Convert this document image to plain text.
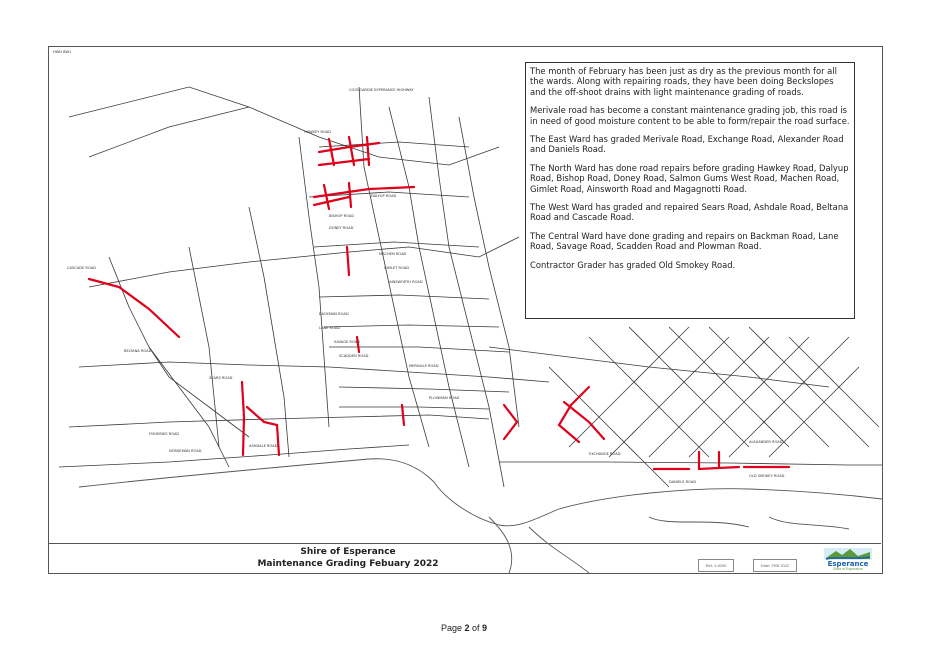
HWD BW1
CASCADE ROAD
BELTANA ROAD
SEARS ROAD
ASHDALE ROAD
MERIVALE ROAD
EXCHANGE ROAD
ALEXANDER ROAD
DANIELS ROAD
HAWKEY ROAD
DALYUP ROAD
BISHOP ROAD
DONEY ROAD
MACHEN ROAD
GIMLET ROAD
AINSWORTH ROAD
BACKMAN ROAD
LANE ROAD
SAVAGE ROAD
SCADDEN ROAD
PLOWMAN ROAD
OLD SMOKEY ROAD
FISHERIES ROAD
NORSEMAN ROAD
COOLGARDIE ESPERANCE HIGHWAY

The month of February has been just as dry as the previous month for all the wards. Along with repairing roads, they have been doing Beckslopes and the off-shoot drains with light maintenance grading of roads.

Merivale road has become a constant maintenance grading job, this road is in need of good moisture content to be able to form/repair the road surface.

The East Ward has graded Merivale Road, Exchange Road, Alexander Road and Daniels Road.

The North Ward has done road repairs before grading Hawkey Road, Dalyup Road, Bishop Road, Doney Road, Salmon Gums West Road, Machen Road, Gimlet Road, Ainsworth Road and Magagnotti Road.

The West Ward has graded and repaired Sears Road, Ashdale Road, Beltana Road and Cascade Road.

The Central Ward have done grading and repairs on Backman Road, Lane Road, Savage Road, Scadden Road and Plowman Road.

Contractor Grader has graded Old Smokey Road.

Shire of Esperance
Maintenance Grading Febuary 2022	Ref: 1:4000	Date: FEB 2022	Esperance
Shire of Esperance
Page 2 of 9
